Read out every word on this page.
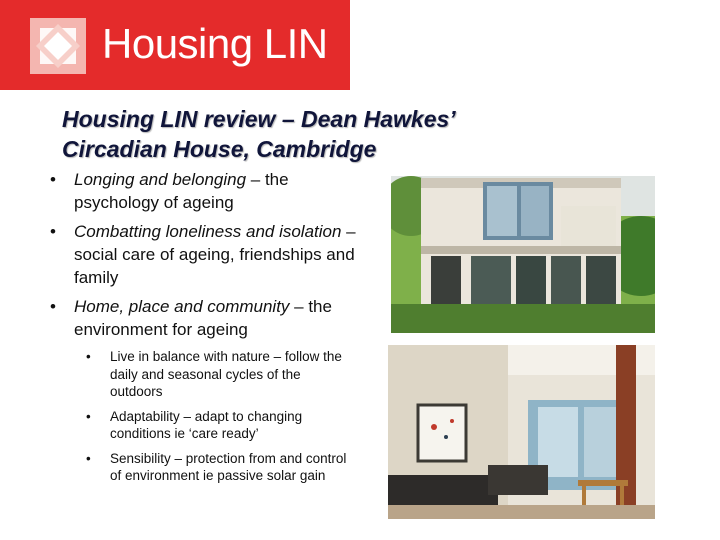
Housing LIN
Housing LIN review – Dean Hawkes’
Circadian House, Cambridge
• Longing and belonging – the psychology of ageing
• Combatting loneliness and isolation – social care of ageing, friendships and family
• Home, place and community – the environment for ageing
• Live in balance with nature – follow the daily and seasonal cycles of the outdoors
• Adaptability – adapt to changing conditions ie ‘care ready’
• Sensibility – protection from and control of environment ie passive solar gain
